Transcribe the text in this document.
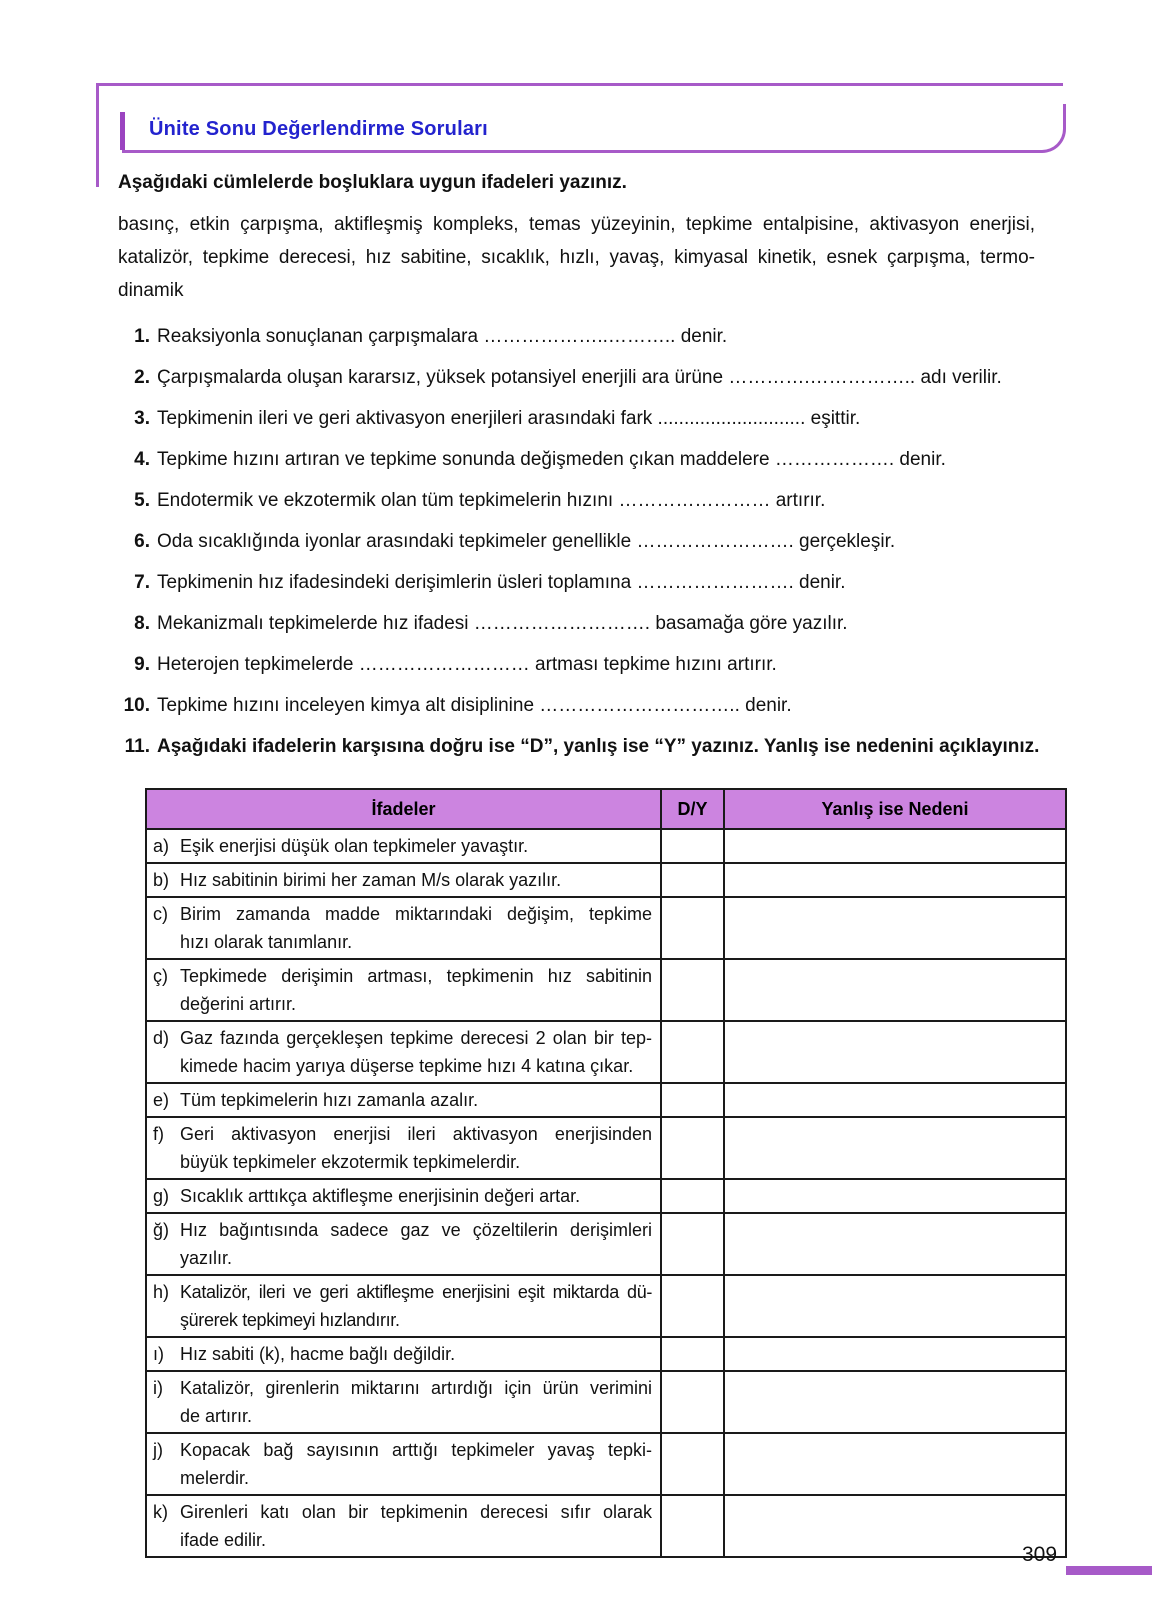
Ünite Sonu Değerlendirme Soruları

Aşağıdaki cümlelerde boşluklara uygun ifadeleri yazınız.

basınç, etkin çarpışma, aktifleşmiş kompleks, temas yüzeyinin, tepkime entalpisine, aktivasyon enerjisi,
katalizör, tepkime derecesi, hız sabitine, sıcaklık, hızlı, yavaş, kimyasal kinetik, esnek çarpışma, termo-
dinamik
1. Reaksiyonla sonuçlanan çarpışmalara ………………..……….. denir.
2. Çarpışmalarda oluşan kararsız, yüksek potansiyel enerjili ara ürüne ………….…………….. adı verilir.
3. Tepkimenin ileri ve geri aktivasyon enerjileri arasındaki fark ............................ eşittir.
4. Tepkime hızını artıran ve tepkime sonunda değişmeden çıkan maddelere ………………. denir.
5. Endotermik ve ekzotermik olan tüm tepkimelerin hızını …………………… artırır.
6. Oda sıcaklığında iyonlar arasındaki tepkimeler genellikle ……………………. gerçekleşir.
7. Tepkimenin hız ifadesindeki derişimlerin üsleri toplamına ……………………. denir.
8. Mekanizmalı tepkimelerde hız ifadesi ………………………. basamağa göre yazılır.
9. Heterojen tepkimelerde ……………………… artması tepkime hızını artırır.
10. Tepkime hızını inceleyen kimya alt disiplinine ………………………….. denir.
11. Aşağıdaki ifadelerin karşısına doğru ise “D”, yanlış ise “Y” yazınız. Yanlış ise nedenini açıklayınız.
İfadeler	D/Y	Yanlış ise Nedeni

a) Eşik enerjisi düşük olan tepkimeler yavaştır.		

b) Hız sabitinin birimi her zaman M/s olarak yazılır.		

c) Birim zamanda madde miktarındaki değişim, tepkime
hızı olarak tanımlanır.		

ç) Tepkimede derişimin artması, tepkimenin hız sabitinin
değerini artırır.		

d) Gaz fazında gerçekleşen tepkime derecesi 2 olan bir tep-
kimede hacim yarıya düşerse tepkime hızı 4 katına çıkar.		

e) Tüm tepkimelerin hızı zamanla azalır.		

f) Geri aktivasyon enerjisi ileri aktivasyon enerjisinden
büyük tepkimeler ekzotermik tepkimelerdir.		

g) Sıcaklık arttıkça aktifleşme enerjisinin değeri artar.		

ğ) Hız bağıntısında sadece gaz ve çözeltilerin derişimleri
yazılır.		

h) Katalizör, ileri ve geri aktifleşme enerjisini eşit miktarda dü-
şürerek tepkimeyi hızlandırır.		

ı) Hız sabiti (k), hacme bağlı değildir.		

i) Katalizör, girenlerin miktarını artırdığı için ürün verimini
de artırır.		

j) Kopacak bağ sayısının arttığı tepkimeler yavaş tepki-
melerdir.		

k) Girenleri katı olan bir tepkimenin derecesi sıfır olarak
ifade edilir.		

309
